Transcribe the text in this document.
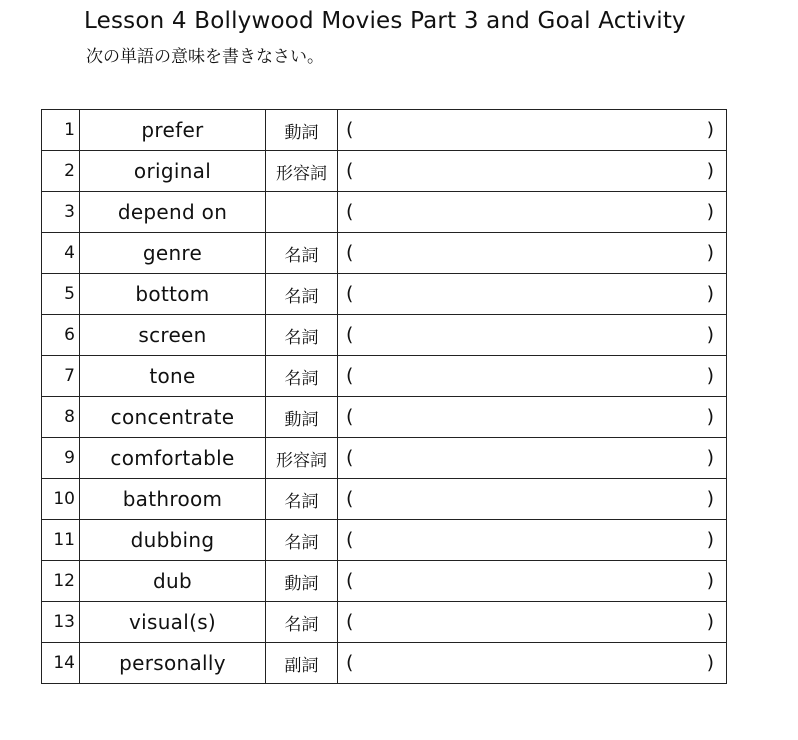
Lesson 4 Bollywood Movies Part 3 and Goal Activity
次の単語の意味を書きなさい。
1	prefer	動詞	( )

2	original	形容詞	( )

3	depend on		( )

4	genre	名詞	( )

5	bottom	名詞	( )

6	screen	名詞	( )

7	tone	名詞	( )

8	concentrate	動詞	( )

9	comfortable	形容詞	( )

10	bathroom	名詞	( )

11	dubbing	名詞	( )

12	dub	動詞	( )

13	visual(s)	名詞	( )

14	personally	副詞	( )
